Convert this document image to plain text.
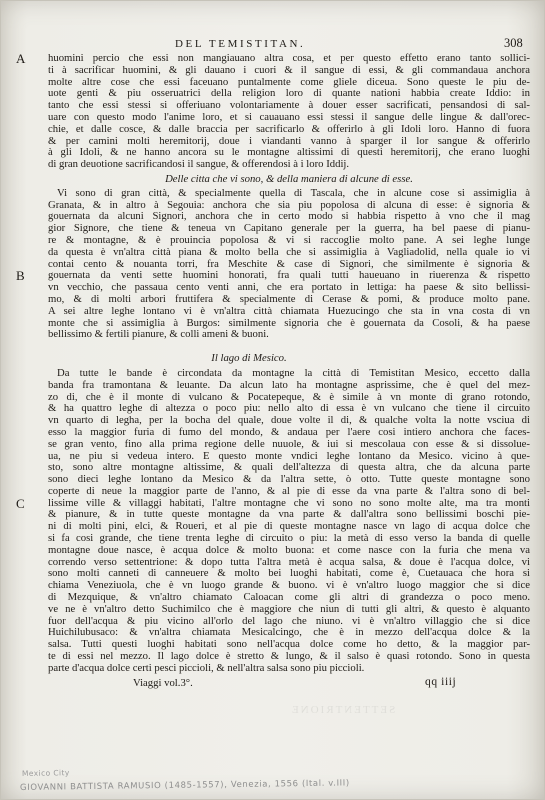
DEL TEMISTITAN.	308
A huomini percio che essi non mangiauano altra cosa, et per questo effetto erano tanto sollici-
ti à sacrificar huomini, & gli dauano i cuori & il sangue di essi, & gli commandaua anchora
molte altre cose che essi faceuano puntalmente come gliele diceua. Sono queste le piu de-
uote genti & piu osseruatrici della religion loro di quante nationi habbia create Iddio: in
tanto che essi stessi si offeriuano volontariamente à douer esser sacrificati, pensandosi di sal-
uare con questo modo l'anime loro, et si cauauano essi stessi il sangue delle lingue & dall'orec-
chie, et dalle cosce, & dalle braccia per sacrificarlo & offerirlo à gli Idoli loro. Hanno di fuora
& per camini molti heremitorij, doue i viandanti vanno à sparger il lor sangue & offerirlo
à gli Idoli, & ne hanno ancora su le montagne altissimi di questi heremitorij, che erano luoghi
di gran deuotione sacrificandosi il sangue, & offerendosi à i loro Iddij.
Delle citta che vi sono, & della maniera di alcune di esse.
Vi sono di gran città, & specialmente quella di Tascala, che in alcune cose si assimiglia à
Granata, & in altro à Segouia: anchora che sia piu popolosa di alcuna di esse: è signoria &
gouernata da alcuni Signori, anchora che in certo modo si habbia rispetto à vno che il mag
gior Signore, che tiene & teneua vn Capitano generale per la guerra, ha bel paese di pianu-
re & montagne, & è prouincia popolosa & vi si raccoglie molto pane. A sei leghe lunge
da questa è vn'altra città piana & molto bella che si assimiglia à Vagliadolid, nella quale io vi
contai cento & nouanta torri, fra Meschite & case di Signori, che similmente è signoria &
B gouernata da venti sette huomini honorati, fra quali tutti haueuano in riuerenza & rispetto
vn vecchio, che passaua cento venti anni, che era portato in lettiga: ha paese & sito bellissi-
mo, & di molti arbori fruttifera & specialmente di Cerase & pomi, & produce molto pane.
A sei altre leghe lontano vi è vn'altra città chiamata Huezucingo che sta in vna costa di vn
monte che si assimiglia à Burgos: similmente signoria che è gouernata da Cosoli, & ha paese
bellissimo & fertili pianure, & colli ameni & buoni.
Il lago di Mesico.
Da tutte le bande è circondata da montagne la città di Temistitan Mesico, eccetto dalla
banda fra tramontana & leuante. Da alcun lato ha montagne asprissime, che è quel del mez-
zo di, che è il monte di vulcano & Pocatepeque, & è simile à vn monte di grano rotondo,
& ha quattro leghe di altezza o poco piu: nello alto di essa è vn vulcano che tiene il circuito
vn quarto di legha, per la bocha del quale, doue volte il di, & qualche volta la notte vsciua di
esso la maggior furia di fumo del mondo, & andaua per l'aere cosi intiero anchora che faces-
se gran vento, fino alla prima regione delle nuuole, & iui si mescolaua con esse & si dissolue-
ua, ne piu si vedeua intero. E questo monte vndici leghe lontano da Mesico. vicino à que-
sto, sono altre montagne altissime, & quali dell'altezza di questa altra, che da alcuna parte
sono dieci leghe lontano da Mesico & da l'altra sette, ò otto. Tutte queste montagne sono
coperte di neue la maggior parte de l'anno, & al pie di esse da vna parte & l'altra sono di bel-
C lissime ville & villaggi habitati, l'altre montagne che vi sono no sono molte alte, ma tra monti
& pianure, & in tutte queste montagne da vna parte & dall'altra sono bellissimi boschi pie-
ni di molti pini, elci, & Roueri, et al pie di queste montagne nasce vn lago di acqua dolce che
si fa cosi grande, che tiene trenta leghe di circuito o piu: la metà di esso verso la banda di quelle
montagne doue nasce, è acqua dolce & molto buona: et come nasce con la furia che mena va
correndo verso settentrione: & dopo tutta l'altra metà è acqua salsa, & doue è l'acqua dolce, vi
sono molti canneti di canneuere & molto bei luoghi habitati, come è, Cuetauaca che hora si
chiama Veneziuola, che è vn luogo grande & buono. vi è vn'altro luogo maggior che si dice
di Mezquique, & vn'altro chiamato Caloacan come gli altri di grandezza o poco meno.
ve ne è vn'altro detto Suchimilco che è maggiore che niun di tutti gli altri, & questo è alquanto
fuor dell'acqua & piu vicino all'orlo del lago che niuno. vi è vn'altro villaggio che si dice
Huichilubusaco: & vn'altra chiamata Mesicalcingo, che è in mezzo dell'acqua dolce & la
salsa. Tutti questi luoghi habitati sono nell'acqua dolce come ho detto, & la maggior par-
te di essi nel mezzo. Il lago dolce è stretto & lungo, & il salso è quasi rotondo. Sono in questa
parte d'acqua dolce certi pesci piccioli, & nell'altra salsa sono piu piccioli.
Viaggi vol.3°.	qq iiij
SETTENTRIONE
Mexico City
GIOVANNI BATTISTA RAMUSIO (1485-1557), Venezia, 1556 (Ital. v.III)
